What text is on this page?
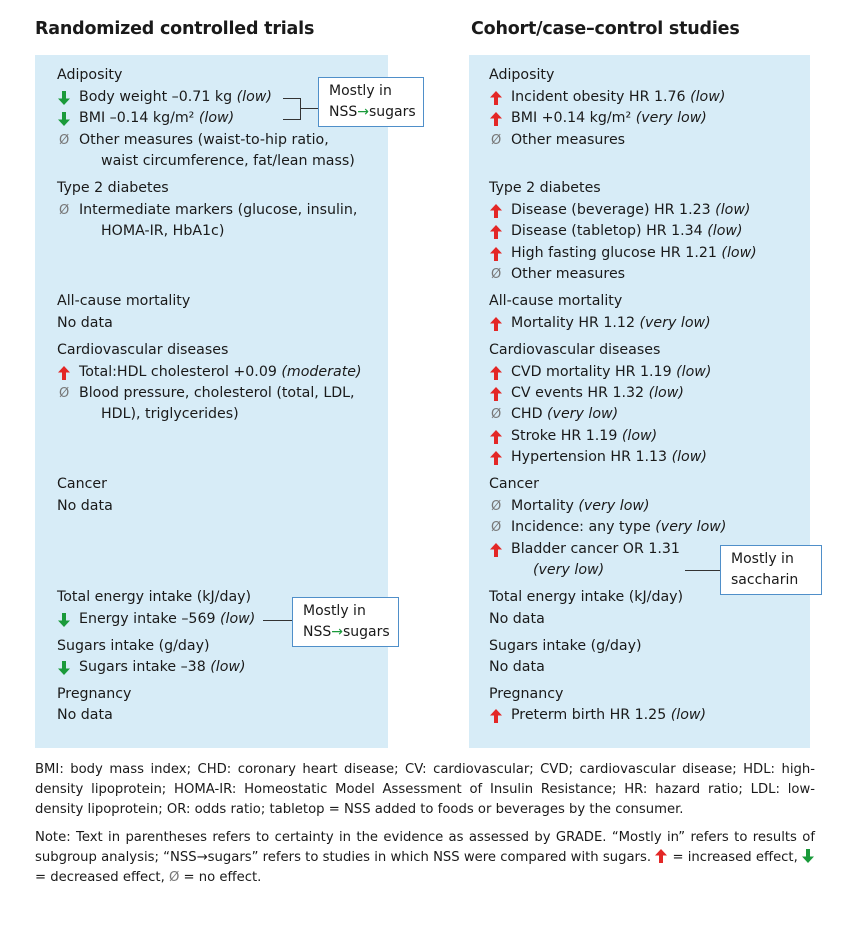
Randomized controlled trials	Cohort/case–control studies
Adiposity
Body weight –0.71 kg (low)
BMI –0.14 kg/m² (low)
Ø Other measures (waist-to-hip ratio,
waist circumference, fat/lean mass)
Type 2 diabetes
Ø Intermediate markers (glucose, insulin,
HOMA-IR, HbA1c)
All-cause mortality
No data
Cardiovascular diseases
Total:HDL cholesterol +0.09 (moderate)
Ø Blood pressure, cholesterol (total, LDL,
HDL), triglycerides)
Cancer
No data
Total energy intake (kJ/day)
Energy intake –569 (low)
Sugars intake (g/day)
Sugars intake –38 (low)
Pregnancy
No data
Adiposity
Incident obesity HR 1.76 (low)
BMI +0.14 kg/m² (very low)
Ø Other measures
Type 2 diabetes
Disease (beverage) HR 1.23 (low)
Disease (tabletop) HR 1.34 (low)
High fasting glucose HR 1.21 (low)
Ø Other measures
All-cause mortality
Mortality HR 1.12 (very low)
Cardiovascular diseases
CVD mortality HR 1.19 (low)
CV events HR 1.32 (low)
Ø CHD (very low)
Stroke HR 1.19 (low)
Hypertension HR 1.13 (low)
Cancer
Ø Mortality (very low)
Ø Incidence: any type (very low)
Bladder cancer OR 1.31
(very low)
Total energy intake (kJ/day)
No data
Sugars intake (g/day)
No data
Pregnancy
Preterm birth HR 1.25 (low)
Mostly in
NSS→sugars
Mostly in
NSS→sugars
Mostly in
saccharin
BMI: body mass index; CHD: coronary heart disease; CV: cardiovascular; CVD; cardiovascular disease; HDL: high-density lipoprotein; HOMA-IR: Homeostatic Model Assessment of Insulin Resistance; HR: hazard ratio; LDL: low-density lipoprotein; OR: odds ratio; tabletop = NSS added to foods or beverages by the consumer.
Note: Text in parentheses refers to certainty in the evidence as assessed by GRADE. “Mostly in” refers to results of subgroup analysis; “NSS→sugars” refers to studies in which NSS were compared with sugars.
= increased effect,
= decreased effect, Ø = no effect.
